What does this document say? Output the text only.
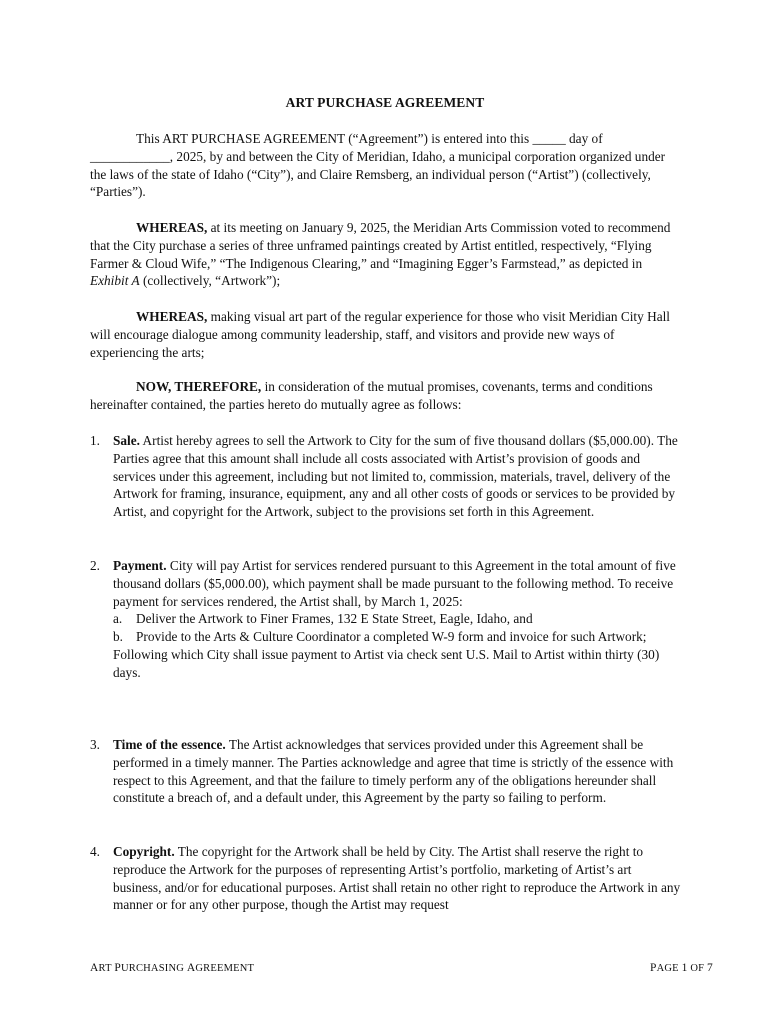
ART PURCHASE AGREEMENT

This ART PURCHASE AGREEMENT (“Agreement”) is entered into this _____ day of ____________, 2025, by and between the City of Meridian, Idaho, a municipal corporation organized under the laws of the state of Idaho (“City”), and Claire Remsberg, an individual person (“Artist”) (collectively, “Parties”).

WHEREAS, at its meeting on January 9, 2025, the Meridian Arts Commission voted to recommend that the City purchase a series of three unframed paintings created by Artist entitled, respectively, “Flying Farmer & Cloud Wife,” “The Indigenous Clearing,” and “Imagining Egger’s Farmstead,” as depicted in Exhibit A (collectively, “Artwork”);

WHEREAS, making visual art part of the regular experience for those who visit Meridian City Hall will encourage dialogue among community leadership, staff, and visitors and provide new ways of experiencing the arts;

NOW, THEREFORE, in consideration of the mutual promises, covenants, terms and conditions hereinafter contained, the parties hereto do mutually agree as follows:

1. Sale. Artist hereby agrees to sell the Artwork to City for the sum of five thousand dollars ($5,000.00). The Parties agree that this amount shall include all costs associated with Artist’s provision of goods and services under this agreement, including but not limited to, commission, materials, travel, delivery of the Artwork for framing, insurance, equipment, any and all other costs of goods or services to be provided by Artist, and copyright for the Artwork, subject to the provisions set forth in this Agreement.
2. Payment. City will pay Artist for services rendered pursuant to this Agreement in the total amount of five thousand dollars ($5,000.00), which payment shall be made pursuant to the following method. To receive payment for services rendered, the Artist shall, by March 1, 2025:
a. Deliver the Artwork to Finer Frames, 132 E State Street, Eagle, Idaho, and
b. Provide to the Arts & Culture Coordinator a completed W-9 form and invoice for such Artwork;
Following which City shall issue payment to Artist via check sent U.S. Mail to Artist within thirty (30) days.
3. Time of the essence. The Artist acknowledges that services provided under this Agreement shall be performed in a timely manner. The Parties acknowledge and agree that time is strictly of the essence with respect to this Agreement, and that the failure to timely perform any of the obligations hereunder shall constitute a breach of, and a default under, this Agreement by the party so failing to perform.
4. Copyright. The copyright for the Artwork shall be held by City. The Artist shall reserve the right to reproduce the Artwork for the purposes of representing Artist’s portfolio, marketing of Artist’s art business, and/or for educational purposes. Artist shall retain no other right to reproduce the Artwork in any manner or for any other purpose, though the Artist may request
ART PURCHASING AGREEMENT	PAGE 1 OF 7
